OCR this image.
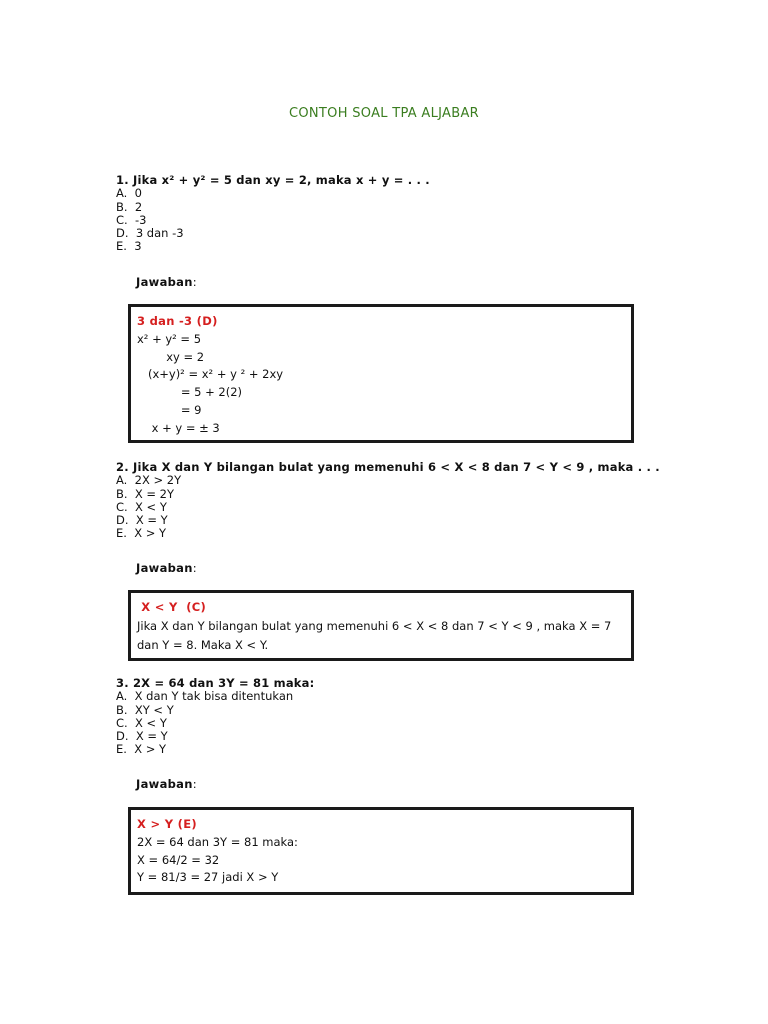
CONTOH SOAL TPA ALJABAR
1. Jika x² + y² = 5 dan xy = 2, maka x + y = . . .
A.  0
B.  2
C.  -3
D.  3 dan -3
E.  3
Jawaban:
3 dan -3 (D)
x² + y² = 5
xy = 2
(x+y)² = x² + y ² + 2xy
= 5 + 2(2)
= 9
x + y = ± 3
2. Jika X dan Y bilangan bulat yang memenuhi 6 < X < 8 dan 7 < Y < 9 , maka . . .
A.  2X > 2Y
B.  X = 2Y
C.  X < Y
D.  X = Y
E.  X > Y
Jawaban:
X < Y  (C)
Jika X dan Y bilangan bulat yang memenuhi 6 < X < 8 dan 7 < Y < 9 , maka X = 7 dan Y = 8. Maka X < Y.
3. 2X = 64 dan 3Y = 81 maka:
A.  X dan Y tak bisa ditentukan
B.  XY < Y
C.  X < Y
D.  X = Y
E.  X > Y
Jawaban:
X > Y (E)
2X = 64 dan 3Y = 81 maka:
X = 64/2 = 32
Y = 81/3 = 27 jadi X > Y
